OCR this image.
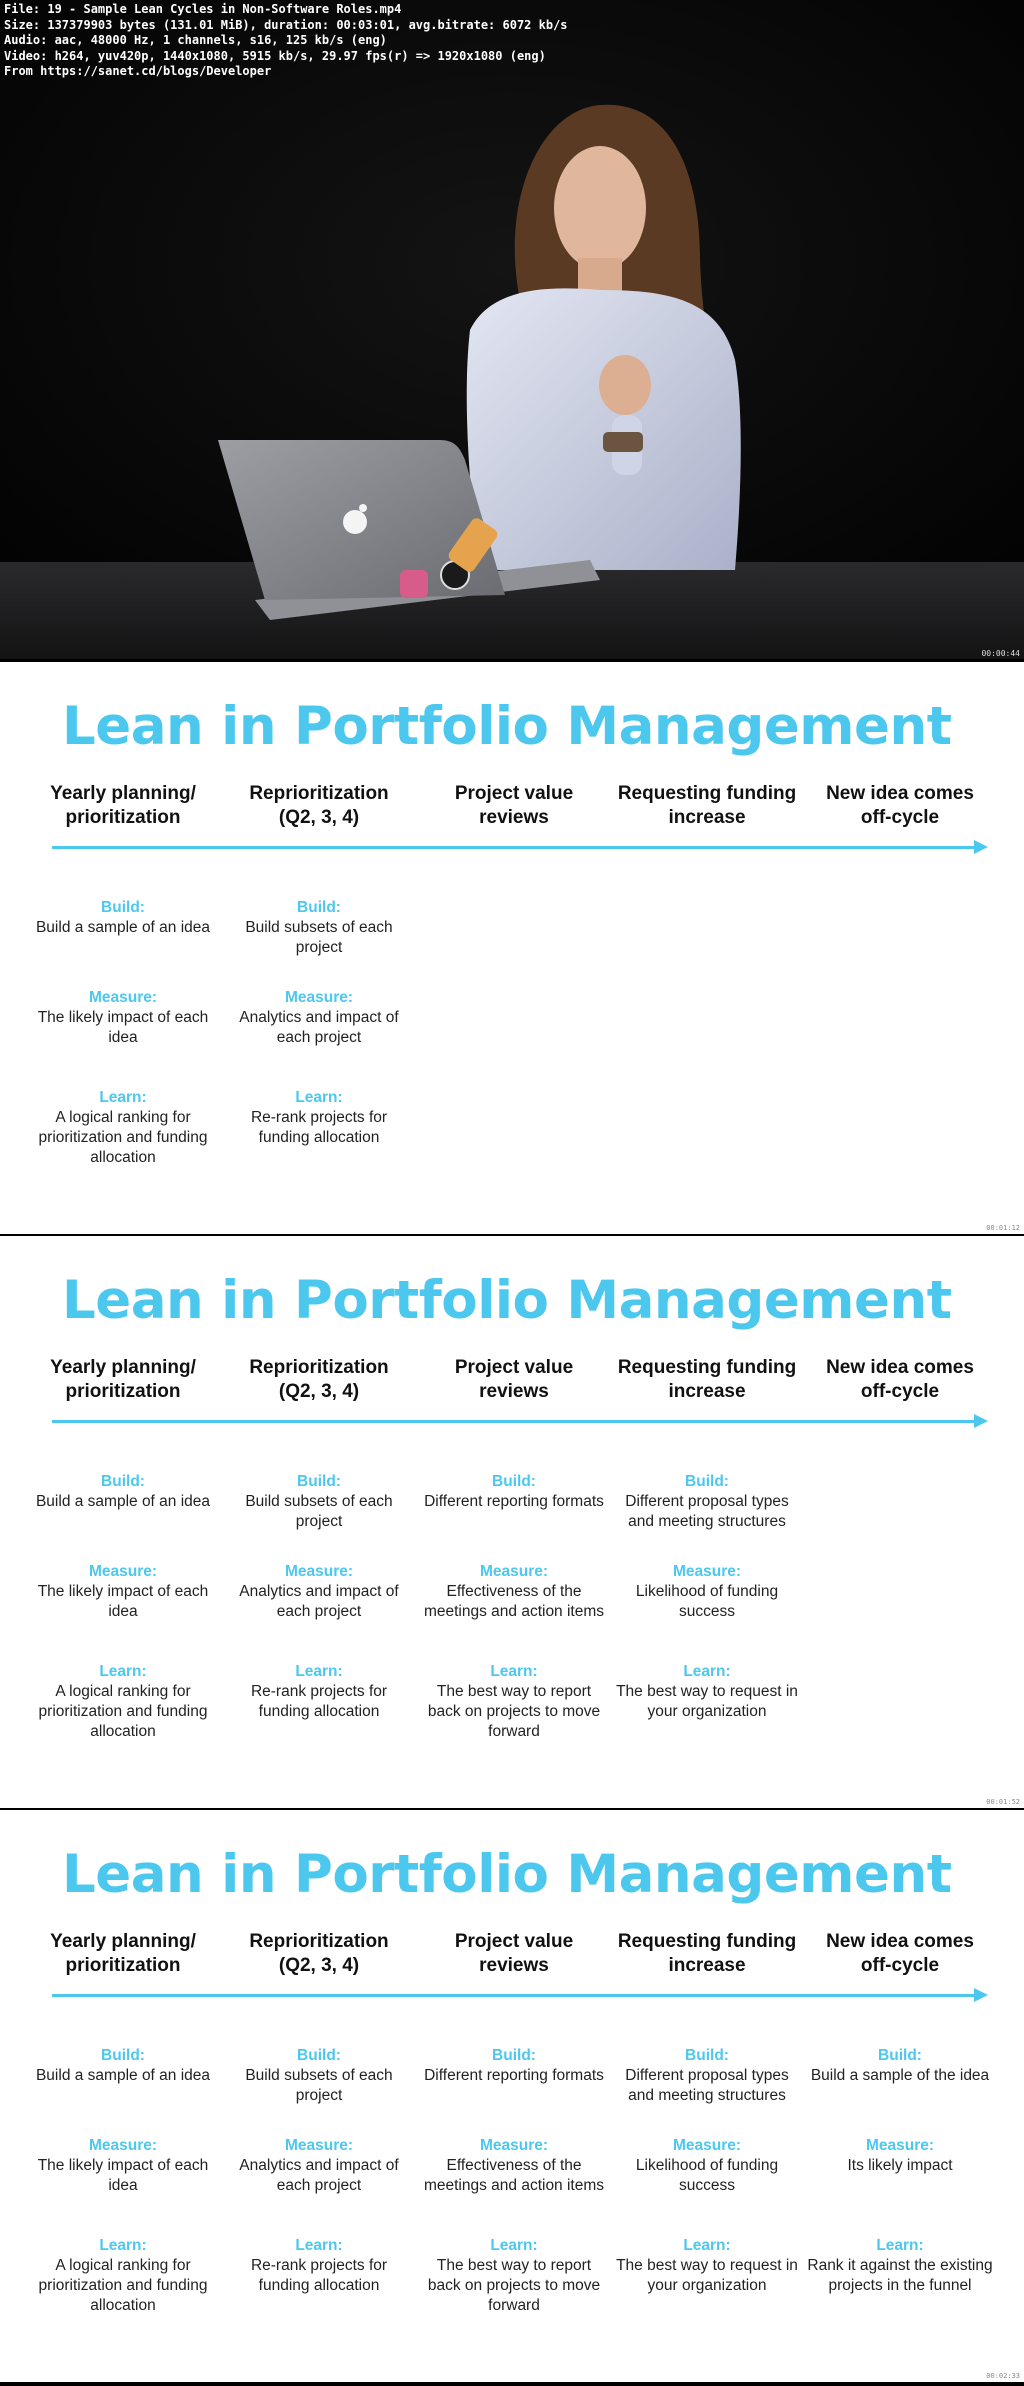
File: 19 - Sample Lean Cycles in Non-Software Roles.mp4
Size: 137379903 bytes (131.01 MiB), duration: 00:03:01, avg.bitrate: 6072 kb/s
Audio: aac, 48000 Hz, 1 channels, s16, 125 kb/s (eng)
Video: h264, yuv420p, 1440x1080, 5915 kb/s, 29.97 fps(r) => 1920x1080 (eng)
From https://sanet.cd/blogs/Developer
00:00:44
Lean in Portfolio Management
Yearly planning/
prioritization
Reprioritization
(Q2, 3, 4)
Project value
reviews
Requesting funding
increase
New idea comes
off-cycle
Build:
Build a sample of an idea
Measure:
The likely impact of each idea
Learn:
A logical ranking for prioritization and funding allocation
Build:
Build subsets of each project
Measure:
Analytics and impact of each project
Learn:
Re-rank projects for funding allocation
00:01:12
Lean in Portfolio Management
Yearly planning/
prioritization
Reprioritization
(Q2, 3, 4)
Project value
reviews
Requesting funding
increase
New idea comes
off-cycle
Build:
Build a sample of an idea
Measure:
The likely impact of each idea
Learn:
A logical ranking for prioritization and funding allocation
Build:
Build subsets of each project
Measure:
Analytics and impact of each project
Learn:
Re-rank projects for funding allocation
Build:
Different reporting formats
Measure:
Effectiveness of the meetings and action items
Learn:
The best way to report back on projects to move forward
Build:
Different proposal types and meeting structures
Measure:
Likelihood of funding success
Learn:
The best way to request in your organization
00:01:52
Lean in Portfolio Management
Yearly planning/
prioritization
Reprioritization
(Q2, 3, 4)
Project value
reviews
Requesting funding
increase
New idea comes
off-cycle
Build:
Build a sample of an idea
Measure:
The likely impact of each idea
Learn:
A logical ranking for prioritization and funding allocation
Build:
Build subsets of each project
Measure:
Analytics and impact of each project
Learn:
Re-rank projects for funding allocation
Build:
Different reporting formats
Measure:
Effectiveness of the meetings and action items
Learn:
The best way to report back on projects to move forward
Build:
Different proposal types and meeting structures
Measure:
Likelihood of funding success
Learn:
The best way to request in your organization
Build:
Build a sample of the idea
Measure:
Its likely impact
Learn:
Rank it against the existing projects in the funnel
00:02:33
